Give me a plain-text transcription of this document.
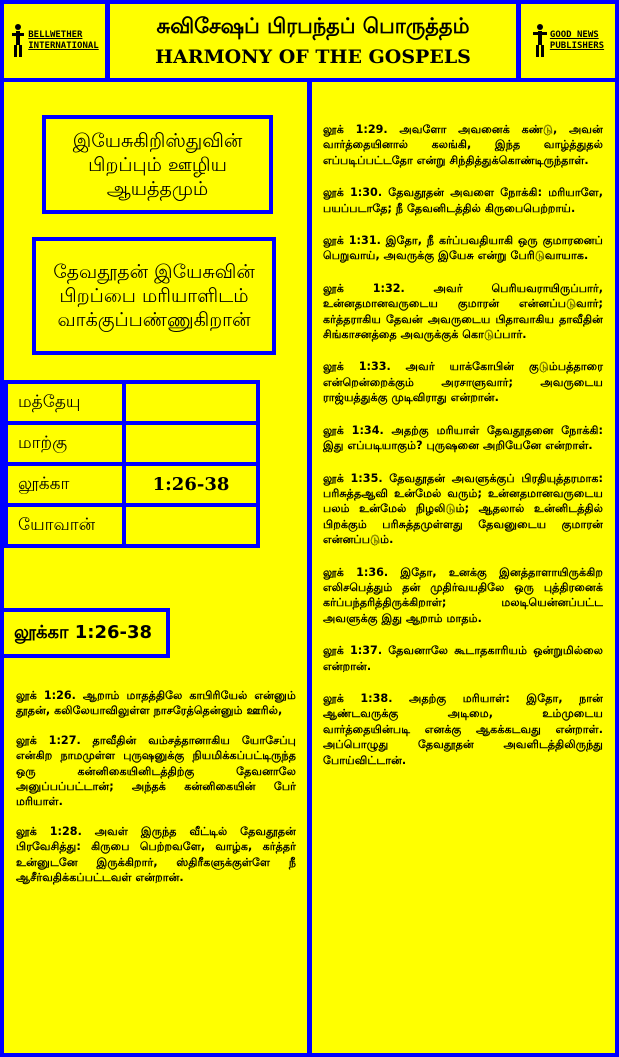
BELLWETHER
INTERNATIONAL
சுவிசேஷப் பிரபந்தப் பொருத்தம்
HARMONY OF THE GOSPELS
GOOD NEWS
PUBLISHERS
இயேசுகிறிஸ்துவின் பிறப்பும் ஊழிய ஆயத்தமும்
தேவதூதன் இயேசுவின் பிறப்பை மரியாளிடம் வாக்குப்பண்ணுகிறான்
மத்தேயு	
மாற்கு	
லூக்கா	1:26-38
யோவான்	
லூக்கா 1:26-38

லூக் 1:26. ஆறாம் மாதத்திலே காபிரியேல் என்னும் தூதன், கலிலேயாவிலுள்ள நாசரேத்தென்னும் ஊரில்,

லூக் 1:27. தாவீதின் வம்சத்தானாகிய யோசேப்பு என்கிற நாமமுள்ள புருஷனுக்கு நியமிக்கப்பட்டிருந்த ஒரு கன்னிகையினிடத்திற்கு தேவனாலே அனுப்பப்பட்டான்; அந்தக் கன்னிகையின் பேர் மரியாள்.

லூக் 1:28. அவள் இருந்த வீட்டில் தேவதூதன் பிரவேசித்து: கிருபை பெற்றவளே, வாழ்க, கர்த்தர் உன்னுடனே இருக்கிறார், ஸ்திரீகளுக்குள்ளே நீ ஆசீர்வதிக்கப்பட்டவள் என்றான்.

லூக் 1:29. அவளோ அவனைக் கண்டு, அவன் வார்த்தையினால் கலங்கி, இந்த வாழ்த்துதல் எப்படிப்பட்டதோ என்று சிந்தித்துக்கொண்டிருந்தாள்.

லூக் 1:30. தேவதூதன் அவளை நோக்கி: மரியாளே, பயப்படாதே; நீ தேவனிடத்தில் கிருபைபெற்றாய்.

லூக் 1:31. இதோ, நீ கர்ப்பவதியாகி ஒரு குமாரனைப் பெறுவாய், அவருக்கு இயேசு என்று பேரிடுவாயாக.

லூக் 1:32. அவர் பெரியவராயிருப்பார், உன்னதமானவருடைய குமாரன் என்னப்படுவார்; கர்த்தராகிய தேவன் அவருடைய பிதாவாகிய தாவீதின் சிங்காசனத்தை அவருக்குக் கொடுப்பார்.

லூக் 1:33. அவர் யாக்கோபின் குடும்பத்தாரை என்றென்றைக்கும் அரசாளுவார்; அவருடைய ராஜ்யத்துக்கு முடிவிராது என்றான்.

லூக் 1:34. அதற்கு மரியாள் தேவதூதனை நோக்கி: இது எப்படியாகும்? புருஷனை அறியேனே என்றாள்.

லூக் 1:35. தேவதூதன் அவளுக்குப் பிரதியுத்தரமாக: பரிசுத்தஆவி உன்மேல் வரும்; உன்னதமானவருடைய பலம் உன்மேல் நிழலிடும்; ஆதலால் உன்னிடத்தில் பிறக்கும் பரிசுத்தமுள்ளது தேவனுடைய குமாரன் என்னப்படும்.

லூக் 1:36. இதோ, உனக்கு இனத்தாளாயிருக்கிற எலிசபெத்தும் தன் முதிர்வயதிலே ஒரு புத்திரனைக் கர்ப்பந்தரித்திருக்கிறாள்; மலடியென்னப்பட்ட அவளுக்கு இது ஆறாம் மாதம்.

லூக் 1:37. தேவனாலே கூடாதகாரியம் ஒன்றுமில்லை என்றான்.

லூக் 1:38. அதற்கு மரியாள்: இதோ, நான் ஆண்டவருக்கு அடிமை, உம்முடைய வார்த்தையின்படி எனக்கு ஆகக்கடவது என்றாள். அப்பொழுது தேவதூதன் அவளிடத்திலிருந்து போய்விட்டான்.
